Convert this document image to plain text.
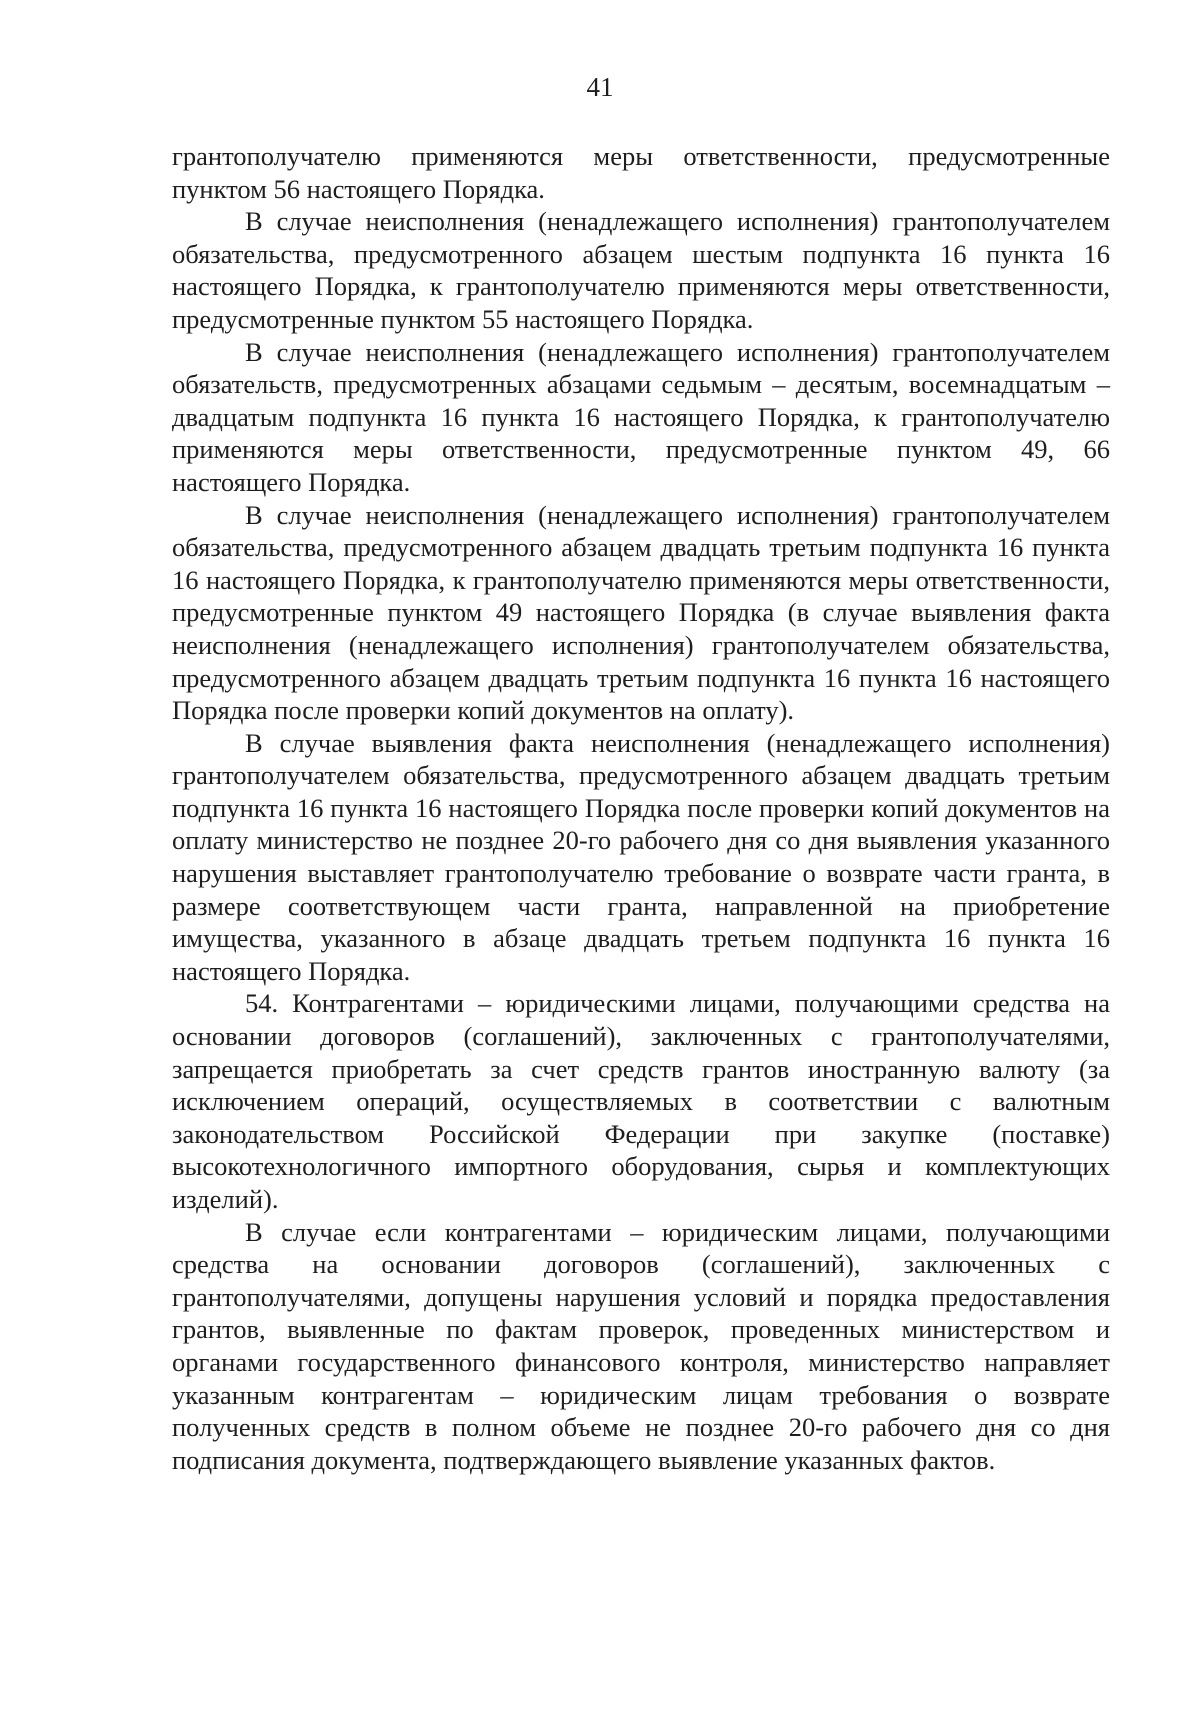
41

грантополучателю применяются меры ответственности, предусмотренные пунктом 56 настоящего Порядка.

В случае неисполнения (ненадлежащего исполнения) грантополучателем обязательства, предусмотренного абзацем шестым подпункта 16 пункта 16 настоящего Порядка, к грантополучателю применяются меры ответственности, предусмотренные пунктом 55 настоящего Порядка.

В случае неисполнения (ненадлежащего исполнения) грантополучателем обязательств, предусмотренных абзацами седьмым – десятым, восемнадцатым – двадцатым подпункта 16 пункта 16 настоящего Порядка, к грантополучателю применяются меры ответственности, предусмотренные пунктом 49, 66 настоящего Порядка.

В случае неисполнения (ненадлежащего исполнения) грантополучателем обязательства, предусмотренного абзацем двадцать третьим подпункта 16 пункта 16 настоящего Порядка, к грантополучателю применяются меры ответственности, предусмотренные пунктом 49 настоящего Порядка (в случае выявления факта неисполнения (ненадлежащего исполнения) грантополучателем обязательства, предусмотренного абзацем двадцать третьим подпункта 16 пункта 16 настоящего Порядка после проверки копий документов на оплату).

В случае выявления факта неисполнения (ненадлежащего исполнения) грантополучателем обязательства, предусмотренного абзацем двадцать третьим подпункта 16 пункта 16 настоящего Порядка после проверки копий документов на оплату министерство не позднее 20-го рабочего дня со дня выявления указанного нарушения выставляет грантополучателю требование о возврате части гранта, в размере соответствующем части гранта, направленной на приобретение имущества, указанного в абзаце двадцать третьем подпункта 16 пункта 16 настоящего Порядка.

54. Контрагентами – юридическими лицами, получающими средства на основании договоров (соглашений), заключенных с грантополучателями, запрещается приобретать за счет средств грантов иностранную валюту (за исключением операций, осуществляемых в соответствии с валютным законодательством Российской Федерации при закупке (поставке) высокотехнологичного импортного оборудования, сырья и комплектующих изделий).

В случае если контрагентами – юридическим лицами, получающими средства на основании договоров (соглашений), заключенных с грантополучателями, допущены нарушения условий и порядка предоставления грантов, выявленные по фактам проверок, проведенных министерством и органами государственного финансового контроля, министерство направляет указанным контрагентам – юридическим лицам требования о возврате полученных средств в полном объеме не позднее 20-го рабочего дня со дня подписания документа, подтверждающего выявление указанных фактов.
